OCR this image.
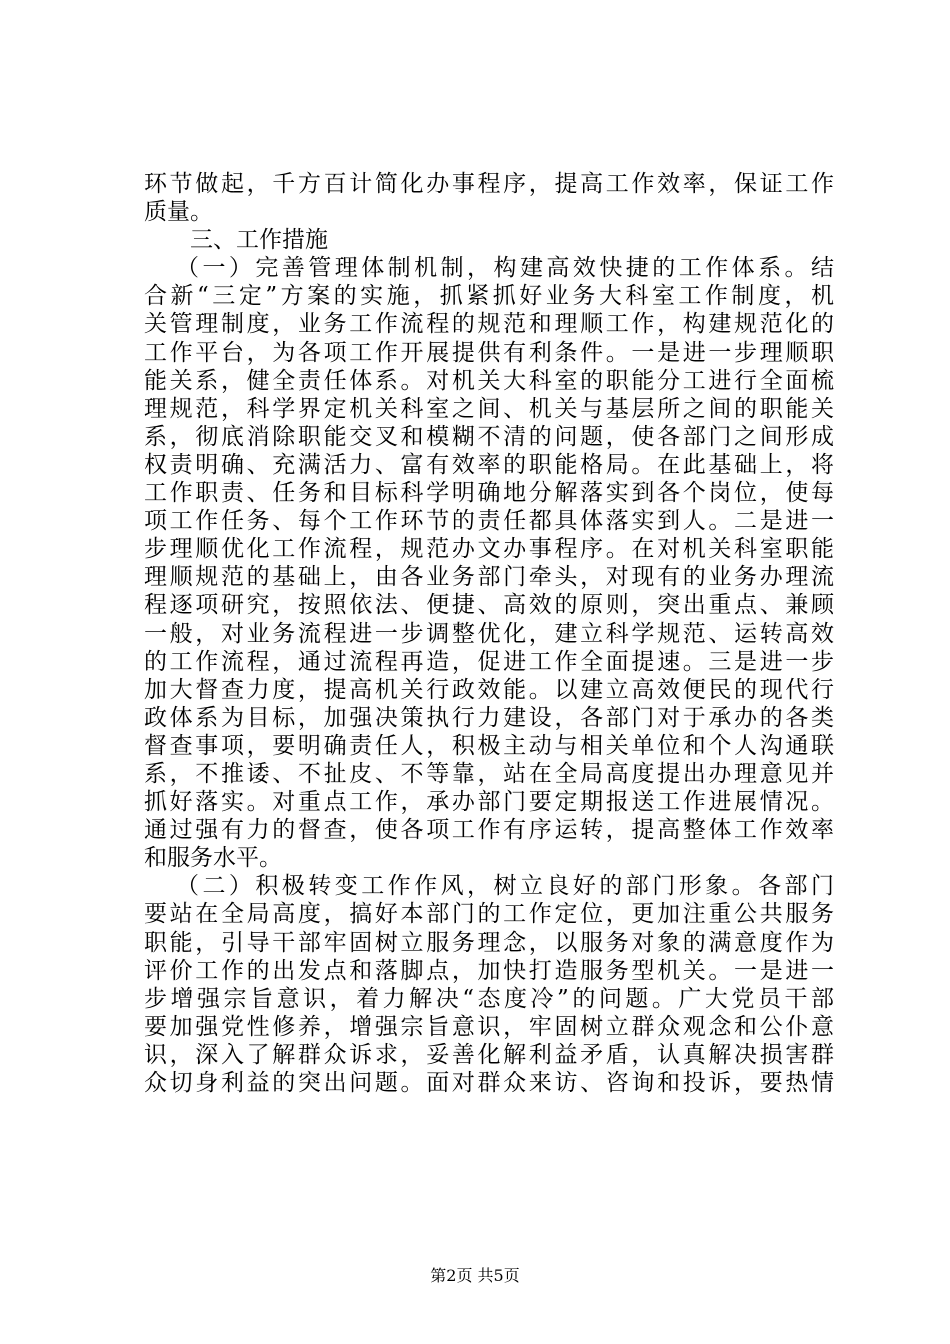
环节做起，千方百计简化办事程序，提高工作效率，保证工作
质量。
三、工作措施
（一）完善管理体制机制，构建高效快捷的工作体系。结
合新“三定”方案的实施，抓紧抓好业务大科室工作制度，机
关管理制度，业务工作流程的规范和理顺工作，构建规范化的
工作平台，为各项工作开展提供有利条件。一是进一步理顺职
能关系，健全责任体系。对机关大科室的职能分工进行全面梳
理规范，科学界定机关科室之间、机关与基层所之间的职能关
系，彻底消除职能交叉和模糊不清的问题，使各部门之间形成
权责明确、充满活力、富有效率的职能格局。在此基础上，将
工作职责、任务和目标科学明确地分解落实到各个岗位，使每
项工作任务、每个工作环节的责任都具体落实到人。二是进一
步理顺优化工作流程，规范办文办事程序。在对机关科室职能
理顺规范的基础上，由各业务部门牵头，对现有的业务办理流
程逐项研究，按照依法、便捷、高效的原则，突出重点、兼顾
一般，对业务流程进一步调整优化，建立科学规范、运转高效
的工作流程，通过流程再造，促进工作全面提速。三是进一步
加大督查力度，提高机关行政效能。以建立高效便民的现代行
政体系为目标，加强决策执行力建设，各部门对于承办的各类
督查事项，要明确责任人，积极主动与相关单位和个人沟通联
系，不推诿、不扯皮、不等靠，站在全局高度提出办理意见并
抓好落实。对重点工作，承办部门要定期报送工作进展情况。
通过强有力的督查，使各项工作有序运转，提高整体工作效率
和服务水平。
（二）积极转变工作作风，树立良好的部门形象。各部门
要站在全局高度，搞好本部门的工作定位，更加注重公共服务
职能，引导干部牢固树立服务理念，以服务对象的满意度作为
评价工作的出发点和落脚点，加快打造服务型机关。一是进一
步增强宗旨意识，着力解决“态度冷”的问题。广大党员干部
要加强党性修养，增强宗旨意识，牢固树立群众观念和公仆意
识，深入了解群众诉求，妥善化解利益矛盾，认真解决损害群
众切身利益的突出问题。面对群众来访、咨询和投诉，要热情
第2页 共5页
